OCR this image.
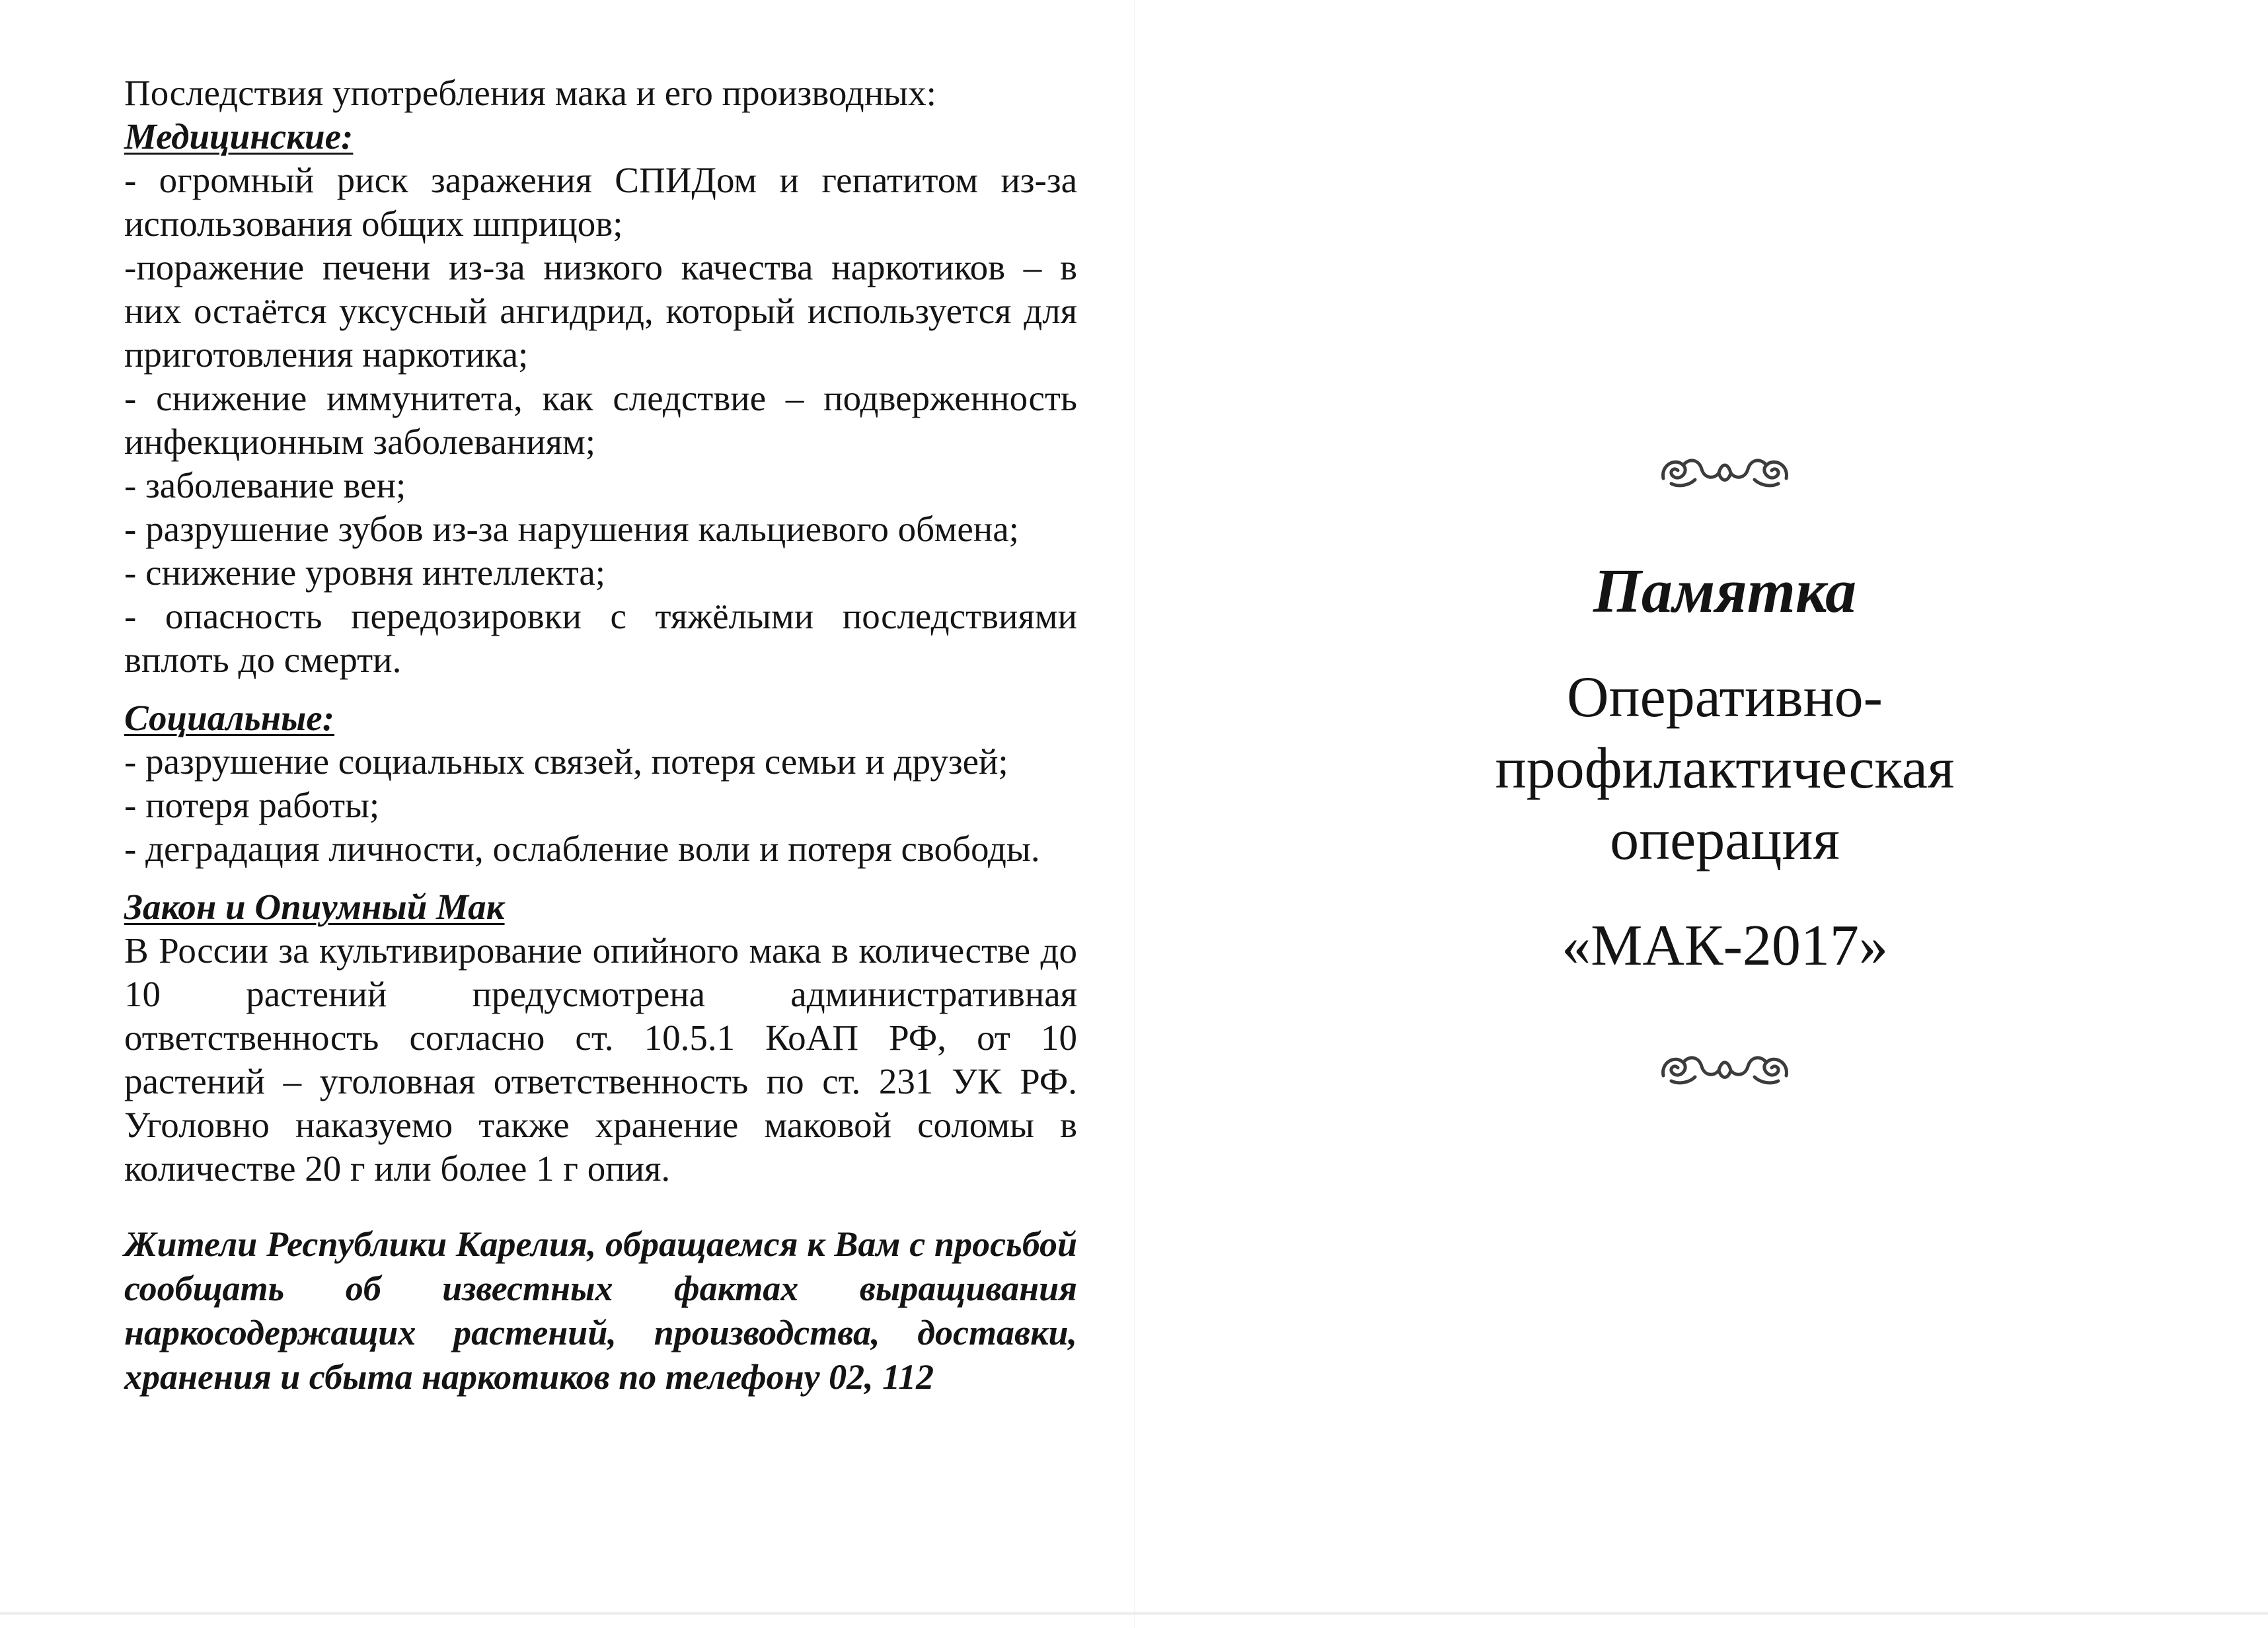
Последствия употребления мака и его производных:

Медицинские:

- огромный риск заражения СПИДом и гепатитом из-за использования общих шприцов;

-поражение печени из-за низкого качества наркотиков – в них остаётся уксусный ангидрид, который используется для приготовления наркотика;

- снижение иммунитета, как следствие – подверженность инфекционным заболеваниям;

- заболевание вен;

- разрушение зубов из-за нарушения кальциевого обмена;

- снижение уровня интеллекта;

- опасность передозировки с тяжёлыми последствиями вплоть до смерти.

Социальные:

- разрушение социальных связей, потеря семьи и друзей;

- потеря работы;

- деградация личности, ослабление воли и потеря свободы.

Закон и Опиумный Мак

В России за культивирование опийного мака в количестве до 10 растений предусмотрена административная ответственность согласно ст. 10.5.1 КоАП РФ, от 10 растений – уголовная ответственность по ст. 231 УК РФ. Уголовно наказуемо также хранение маковой соломы в количестве 20 г или более 1 г опия.

Жители Республики Карелия, обращаемся к Вам с просьбой сообщать об известных фактах выращивания наркосодержащих растений, производства, доставки, хранения и сбыта наркотиков по телефону 02, 112

Памятка

Оперативно-

профилактическая

операция

«МАК-2017»
